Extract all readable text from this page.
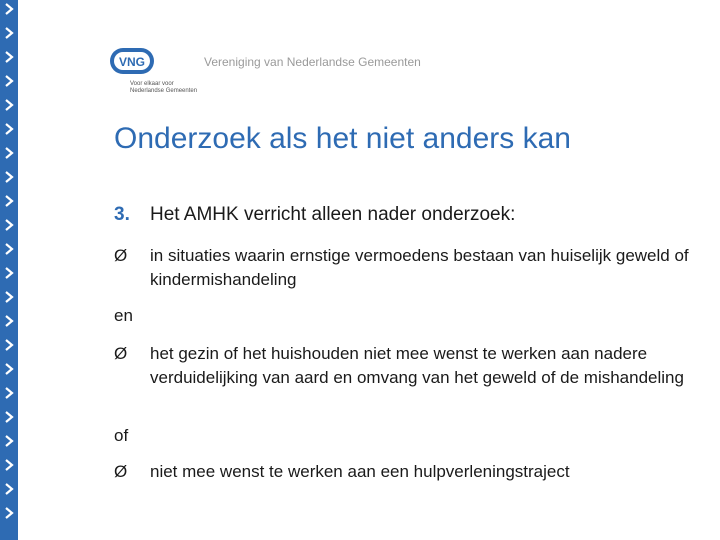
VNG
Voor elkaar voor
Nederlandse Gemeenten
Vereniging van Nederlandse Gemeenten
Onderzoek als het niet anders kan
3. Het AMHK verricht alleen nader onderzoek:
Ø	in situaties waarin ernstige vermoedens bestaan van huiselijk geweld of kindermishandeling
en
Ø	het gezin of het huishouden niet mee wenst te werken aan nadere verduidelijking van aard en omvang van het geweld of de mishandeling
of
Ø	niet mee wenst te werken aan een hulpverleningstraject
